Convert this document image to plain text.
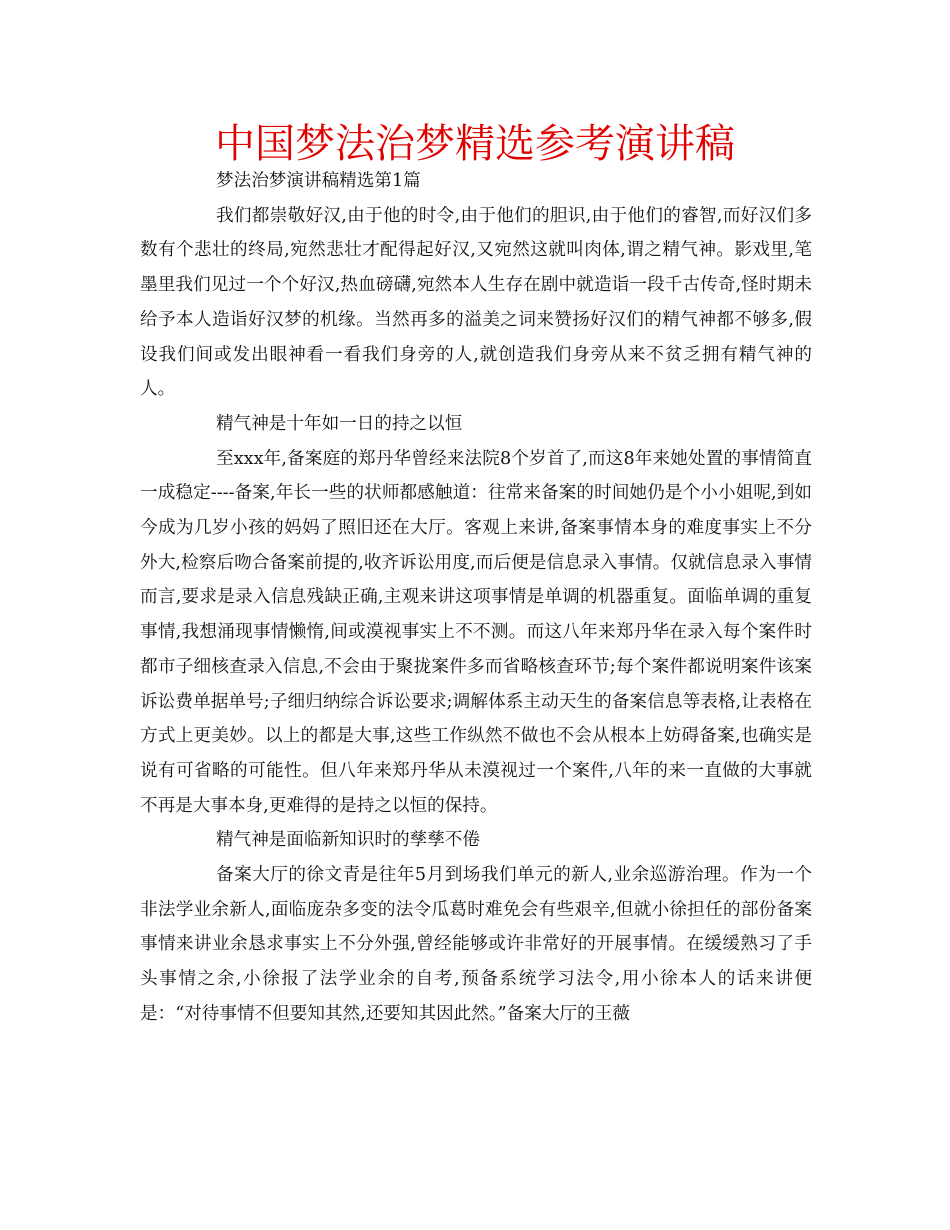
中国梦法治梦精选参考演讲稿

梦法治梦演讲稿精选第1篇

我们都崇敬好汉,由于他的时令,由于他们的胆识,由于他们的睿智,而好汉们多数有个悲壮的终局,宛然悲壮才配得起好汉,又宛然这就叫肉体,谓之精气神。影戏里,笔墨里我们见过一个个好汉,热血磅礴,宛然本人生存在剧中就造诣一段千古传奇,怪时期未给予本人造诣好汉梦的机缘。当然再多的溢美之词来赞扬好汉们的精气神都不够多,假设我们间或发出眼神看一看我们身旁的人,就创造我们身旁从来不贫乏拥有精气神的人。

精气神是十年如一日的持之以恒

至xxx年,备案庭的郑丹华曾经来法院8个岁首了,而这8年来她处置的事情简直一成稳定----备案,年长一些的状师都感触道：往常来备案的时间她仍是个小小姐呢,到如今成为几岁小孩的妈妈了照旧还在大厅。客观上来讲,备案事情本身的难度事实上不分外大,检察后吻合备案前提的,收齐诉讼用度,而后便是信息录入事情。仅就信息录入事情而言,要求是录入信息残缺正确,主观来讲这项事情是单调的机器重复。面临单调的重复事情,我想涌现事情懒惰,间或漠视事实上不不测。而这八年来郑丹华在录入每个案件时都市子细核查录入信息,不会由于聚拢案件多而省略核查环节;每个案件都说明案件该案诉讼费单据单号;子细归纳综合诉讼要求;调解体系主动天生的备案信息等表格,让表格在方式上更美妙。以上的都是大事,这些工作纵然不做也不会从根本上妨碍备案,也确实是说有可省略的可能性。但八年来郑丹华从未漠视过一个案件,八年的来一直做的大事就不再是大事本身,更难得的是持之以恒的保持。

精气神是面临新知识时的孳孳不倦

备案大厅的徐文青是往年5月到场我们单元的新人,业余巡游治理。作为一个非法学业余新人,面临庞杂多变的法令瓜葛时难免会有些艰辛,但就小徐担任的部份备案事情来讲业余恳求事实上不分外强,曾经能够或许非常好的开展事情。在缓缓熟习了手头事情之余,小徐报了法学业余的自考,预备系统学习法令,用小徐本人的话来讲便是：“对待事情不但要知其然,还要知其因此然。”备案大厅的王薇
